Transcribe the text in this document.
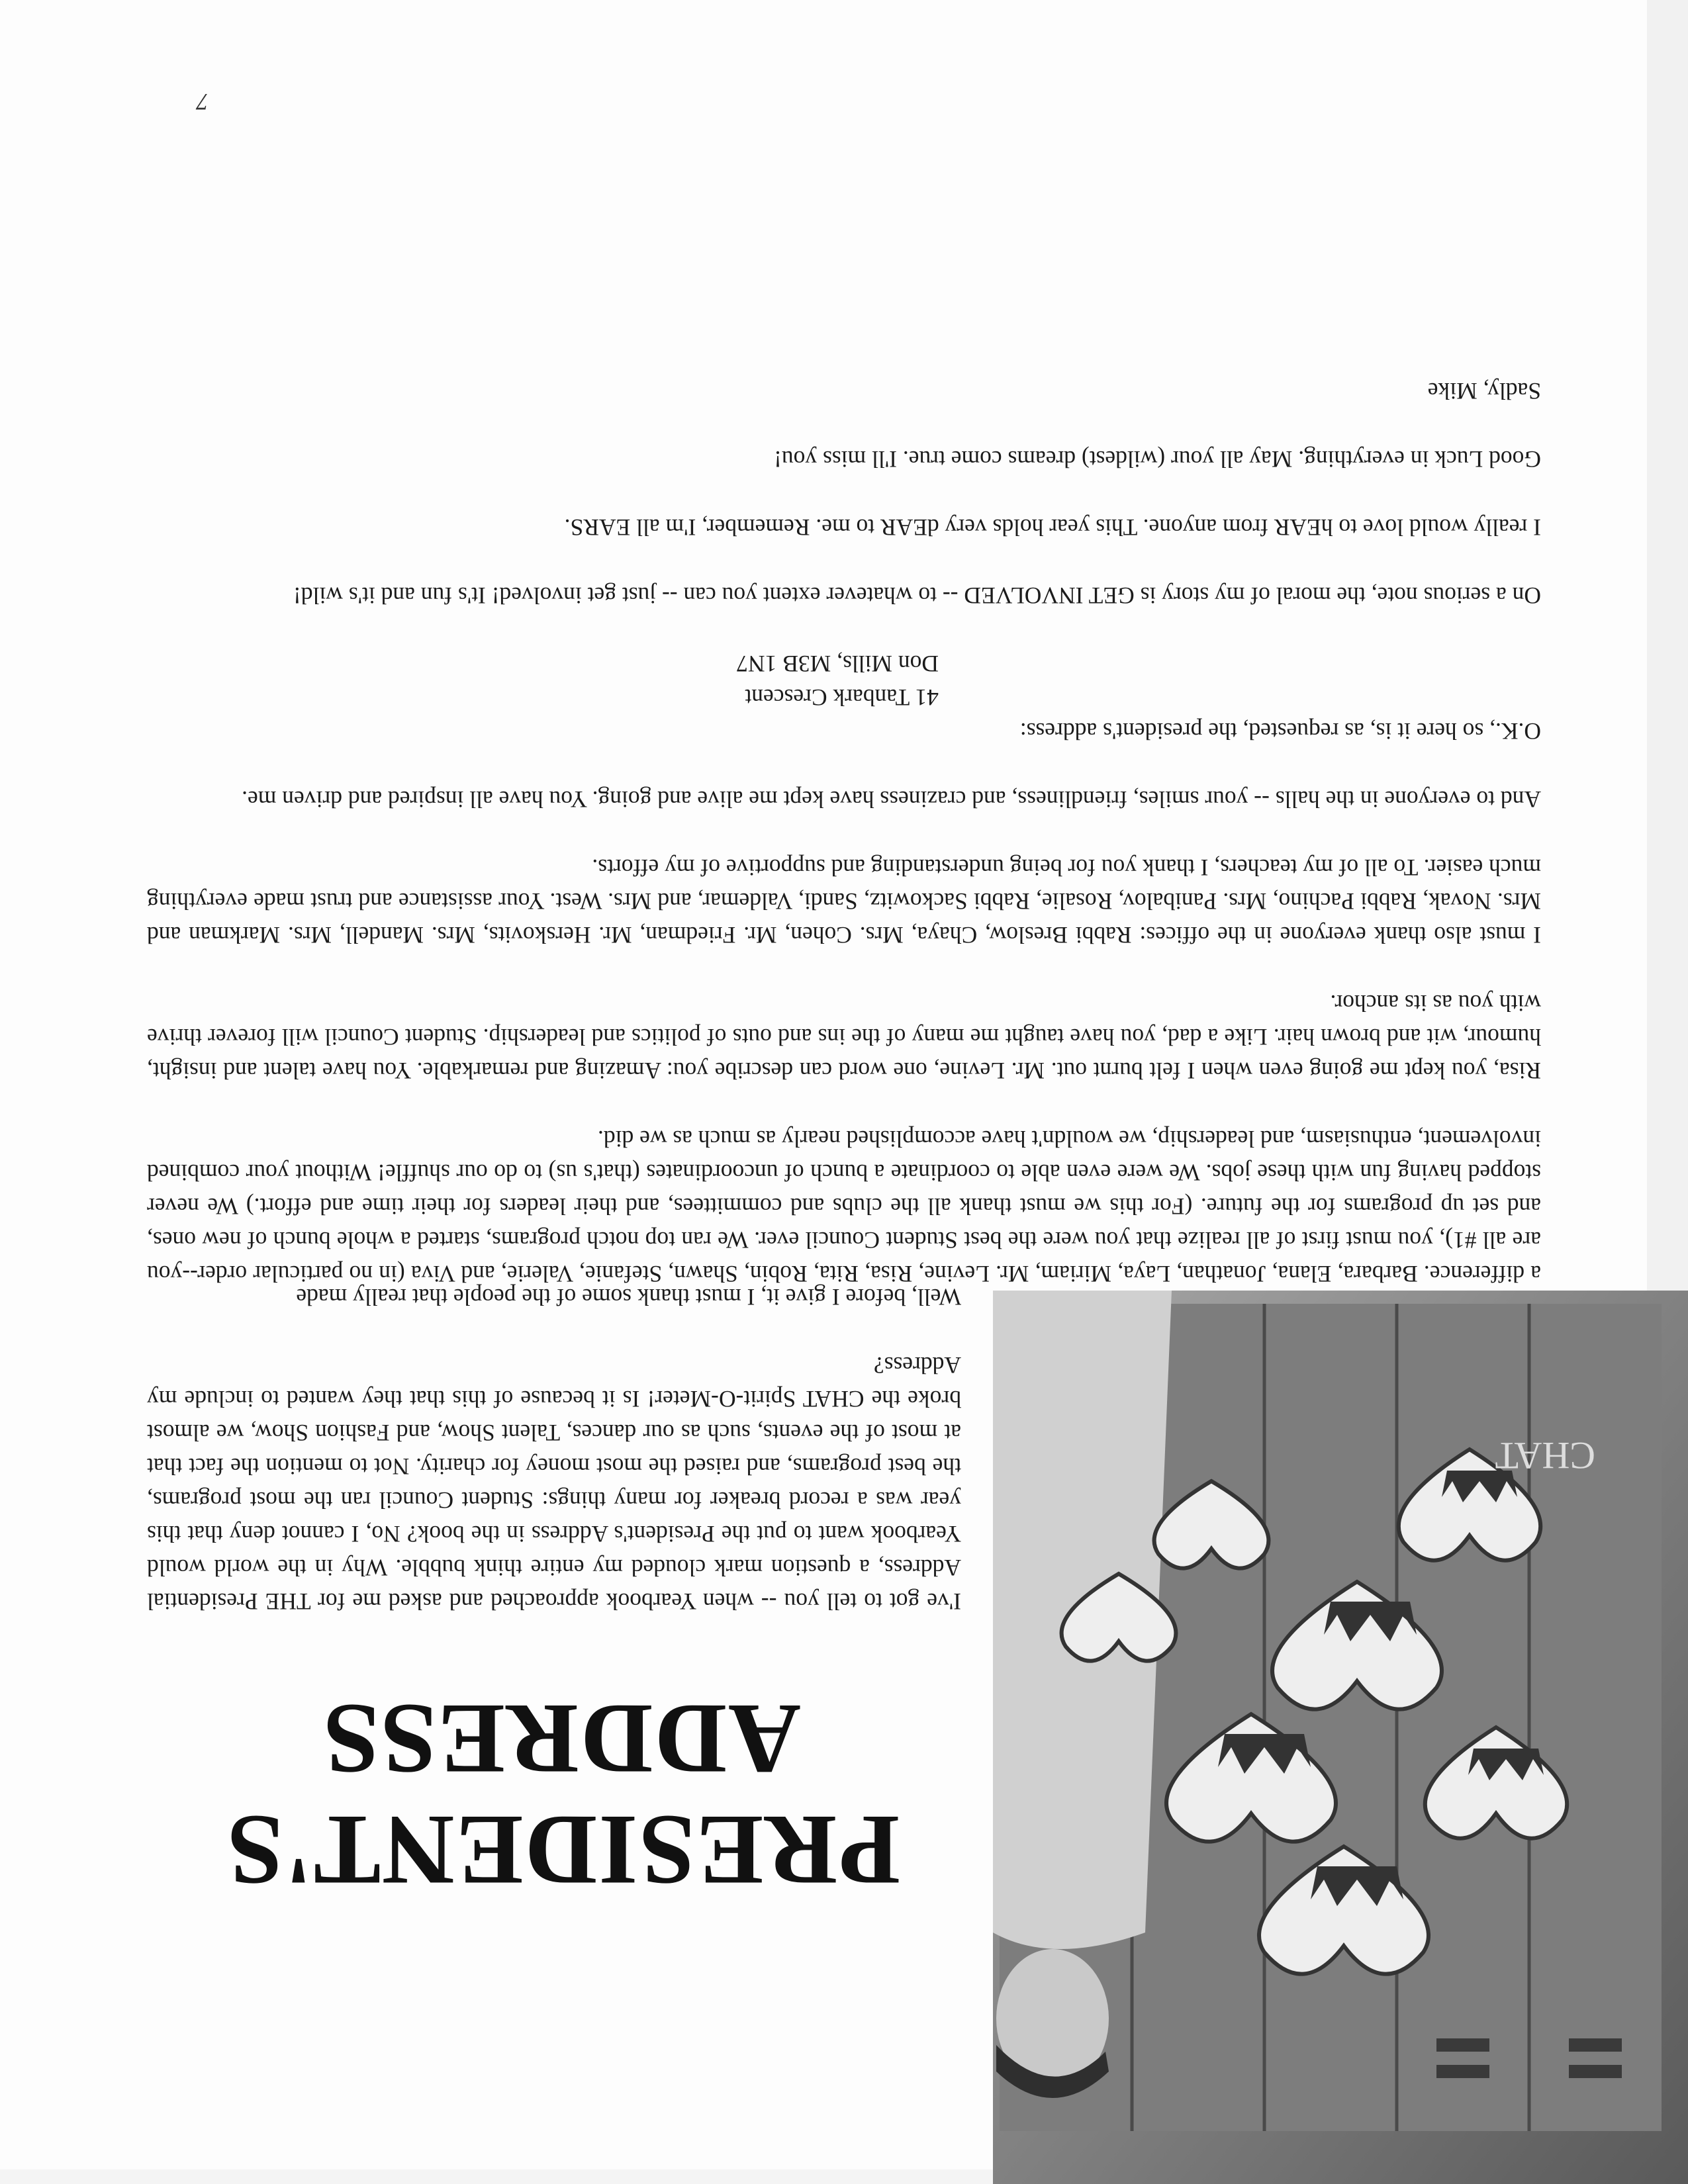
CHAT
PRESIDENT'S
ADDRESS

I've got to tell you -- when Yearbook approached and asked me for THE Presidential Address, a question mark clouded my entire think bubble. Why in the world would Yearbook want to put the President's Address in the book? No, I cannot deny that this year was a record breaker for many things: Student Council ran the most programs, the best programs, and raised the most money for charity. Not to mention the fact that at most of the events, such as our dances, Talent Show, and Fashion Show, we almost broke the CHAT Spirit-O-Meter! Is it because of this that they wanted to include my Address?

Well, before I give it, I must thank some of the people that really made

a difference. Barbara, Elana, Jonathan, Laya, Miriam, Mr. Levine, Risa, Rita, Robin, Shawn, Stefanie, Valerie, and Viva (in no particular order--you are all #1), you must first of all realize that you were the best Student Council ever. We ran top notch programs, started a whole bunch of new ones, and set up programs for the future. (For this we must thank all the clubs and committees, and their leaders for their time and effort.) We never stopped having fun with these jobs. We were even able to coordinate a bunch of uncoordinates (that's us) to do our shuffle! Without your combined involvement, enthusiasm, and leadership, we wouldn't have accomplished nearly as much as we did.

Risa, you kept me going even when I felt burnt out. Mr. Levine, one word can describe you: Amazing and remarkable. You have talent and insight, humour, wit and brown hair. Like a dad, you have taught me many of the ins and outs of politics and leadership. Student Council will forever thrive with you as its anchor.

I must also thank everyone in the offices: Rabbi Breslow, Chaya, Mrs. Cohen, Mr. Friedman, Mr. Herskovits, Mrs. Mandell, Mrs. Markman and Mrs. Novak, Rabbi Pachino, Mrs. Panibalov, Rosalie, Rabbi Sackowitz, Sandi, Valdemar, and Mrs. West. Your assistance and trust made everything much easier. To all of my teachers, I thank you for being understanding and supportive of my efforts.

And to everyone in the halls -- your smiles, friendliness, and craziness have kept me alive and going. You have all inspired and driven me.

O.K., so here it is, as requested, the president's address:

41 Tanbark Crescent

Don Mills, M3B 1N7

On a serious note, the moral of my story is GET INVOLVED -- to whatever extent you can -- just get involved! It's fun and it's wild!

I really would love to hEAR from anyone. This year holds very dEAR to me. Remember, I'm all EARS.

Good Luck in everything. May all your (wildest) dreams come true. I'll miss you!

Sadly, Mike

7
